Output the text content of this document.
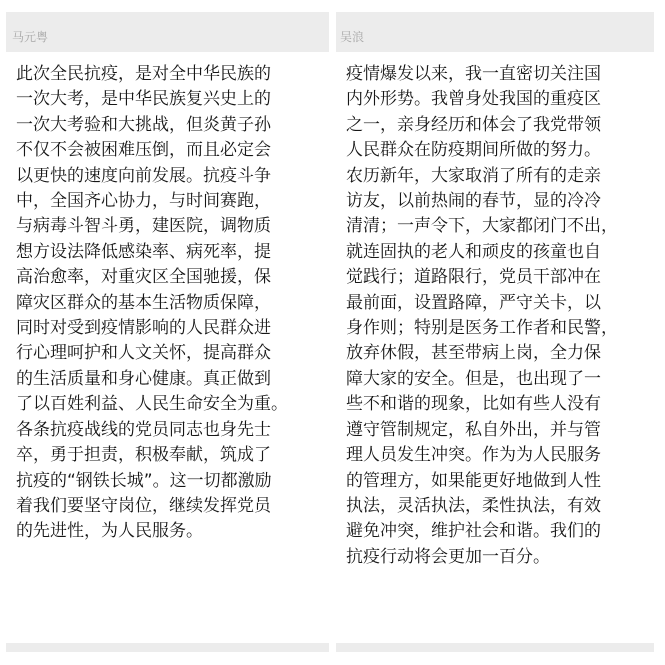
马元粤
此次全民抗疫，是对全中华民族的
一次大考，是中华民族复兴史上的
一次大考验和大挑战，但炎黄子孙
不仅不会被困难压倒，而且必定会
以更快的速度向前发展。抗疫斗争
中，全国齐心协力，与时间赛跑，
与病毒斗智斗勇，建医院，调物质
想方设法降低感染率、病死率，提
高治愈率，对重灾区全国驰援，保
障灾区群众的基本生活物质保障，
同时对受到疫情影响的人民群众进
行心理呵护和人文关怀，提高群众
的生活质量和身心健康。真正做到
了以百姓利益、人民生命安全为重。
各条抗疫战线的党员同志也身先士
卒，勇于担责，积极奉献，筑成了
抗疫的“钢铁长城”。这一切都激励
着我们要坚守岗位，继续发挥党员
的先进性，为人民服务。
吴浪
疫情爆发以来，我一直密切关注国
内外形势。我曾身处我国的重疫区
之一，亲身经历和体会了我党带领
人民群众在防疫期间所做的努力。
农历新年，大家取消了所有的走亲
访友，以前热闹的春节，显的冷冷
清清；一声令下，大家都闭门不出，
就连固执的老人和顽皮的孩童也自
觉践行；道路限行，党员干部冲在
最前面，设置路障，严守关卡，以
身作则；特别是医务工作者和民警，
放弃休假，甚至带病上岗，全力保
障大家的安全。但是，也出现了一
些不和谐的现象，比如有些人没有
遵守管制规定，私自外出，并与管
理人员发生冲突。作为为人民服务
的管理方，如果能更好地做到人性
执法，灵活执法，柔性执法，有效
避免冲突，维护社会和谐。我们的
抗疫行动将会更加一百分。
